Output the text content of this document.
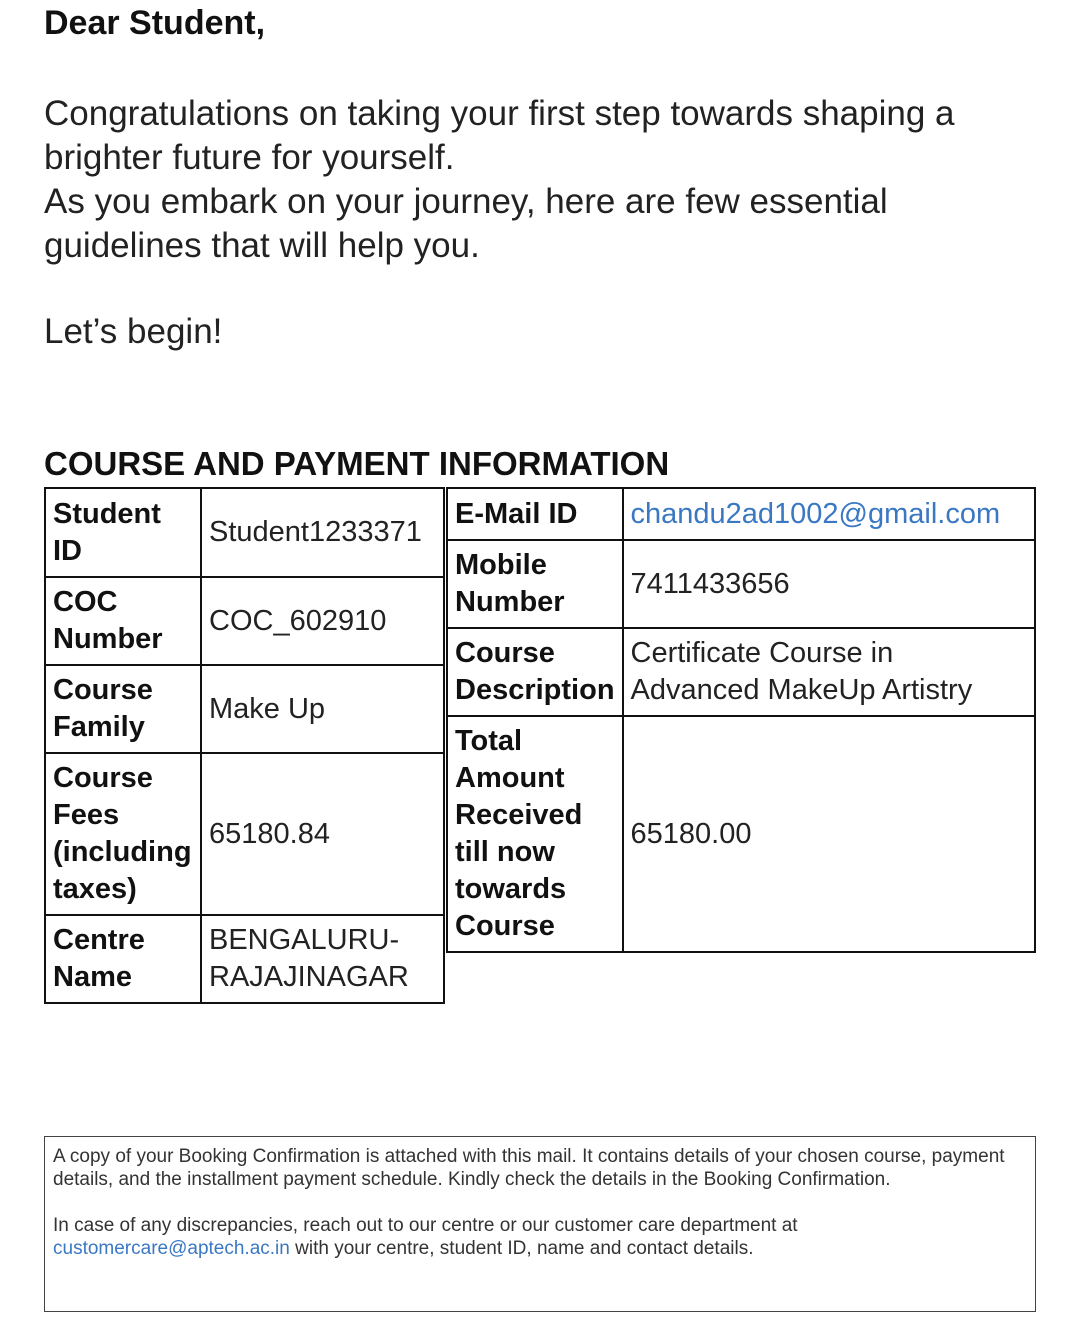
Dear Student,

Congratulations on taking your first step towards shaping a brighter future for yourself.

As you embark on your journey, here are few essential guidelines that will help you.

Let’s begin!

COURSE AND PAYMENT INFORMATION
Student ID	Student1233371
COC Number	COC_602910
Course Family	Make Up
Course Fees (including taxes)	65180.84
Centre Name	BENGALURU-RAJAJINAGAR
E-Mail ID	chandu2ad1002@gmail.com
Mobile Number	7411433656
Course Description	Certificate Course in Advanced MakeUp Artistry
Total Amount Received till now towards Course	65180.00

A copy of your Booking Confirmation is attached with this mail. It contains details of your chosen course, payment details, and the installment payment schedule. Kindly check the details in the Booking Confirmation.

In case of any discrepancies, reach out to our centre or our customer care department at customercare@aptech.ac.in with your centre, student ID, name and contact details.
